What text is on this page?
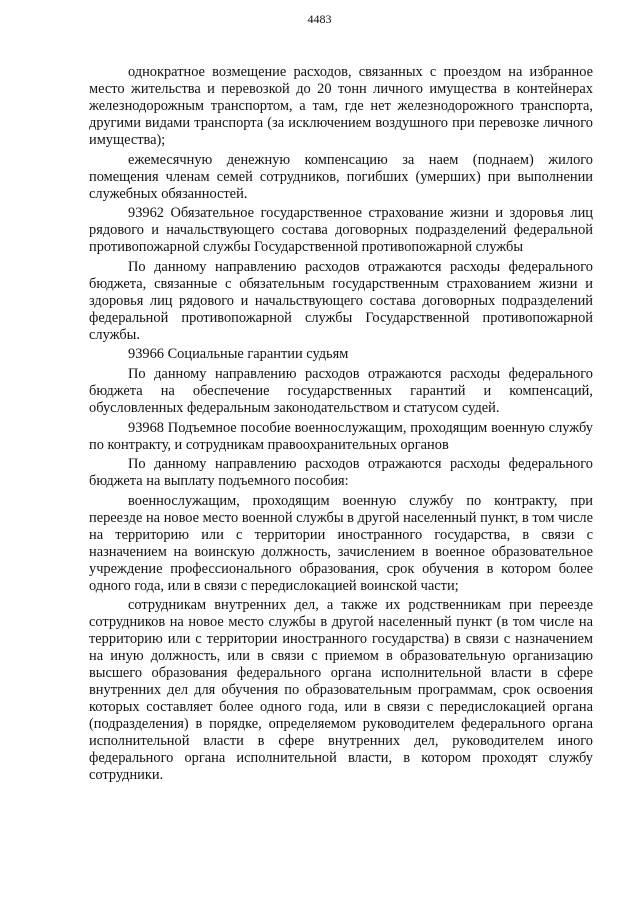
4483

однократное возмещение расходов, связанных с проездом на избранное место жительства и перевозкой до 20 тонн личного имущества в контейнерах железнодорожным транспортом, а там, где нет железнодорожного транспорта, другими видами транспорта (за исключением воздушного при перевозке личного имущества);

ежемесячную денежную компенсацию за наем (поднаем) жилого помещения членам семей сотрудников, погибших (умерших) при выполнении служебных обязанностей.

93962 Обязательное государственное страхование жизни и здоровья лиц рядового и начальствующего состава договорных подразделений федеральной противопожарной службы Государственной противопожарной службы

По данному направлению расходов отражаются расходы федерального бюджета, связанные с обязательным государственным страхованием жизни и здоровья лиц рядового и начальствующего состава договорных подразделений федеральной противопожарной службы Государственной противопожарной службы.

93966 Социальные гарантии судьям

По данному направлению расходов отражаются расходы федерального бюджета на обеспечение государственных гарантий и компенсаций, обусловленных федеральным законодательством и статусом судей.

93968 Подъемное пособие военнослужащим, проходящим военную службу по контракту, и сотрудникам правоохранительных органов

По данному направлению расходов отражаются расходы федерального бюджета на выплату подъемного пособия:

военнослужащим, проходящим военную службу по контракту, при переезде на новое место военной службы в другой населенный пункт, в том числе на территорию или с территории иностранного государства, в связи с назначением на воинскую должность, зачислением в военное образовательное учреждение профессионального образования, срок обучения в котором более одного года, или в связи с передислокацией воинской части;

сотрудникам внутренних дел, а также их родственникам при переезде сотрудников на новое место службы в другой населенный пункт (в том числе на территорию или с территории иностранного государства) в связи с назначением на иную должность, или в связи с приемом в образовательную организацию высшего образования федерального органа исполнительной власти в сфере внутренних дел для обучения по образовательным программам, срок освоения которых составляет более одного года, или в связи с передислокацией органа (подразделения) в порядке, определяемом руководителем федерального органа исполнительной власти в сфере внутренних дел, руководителем иного федерального органа исполнительной власти, в котором проходят службу сотрудники.
